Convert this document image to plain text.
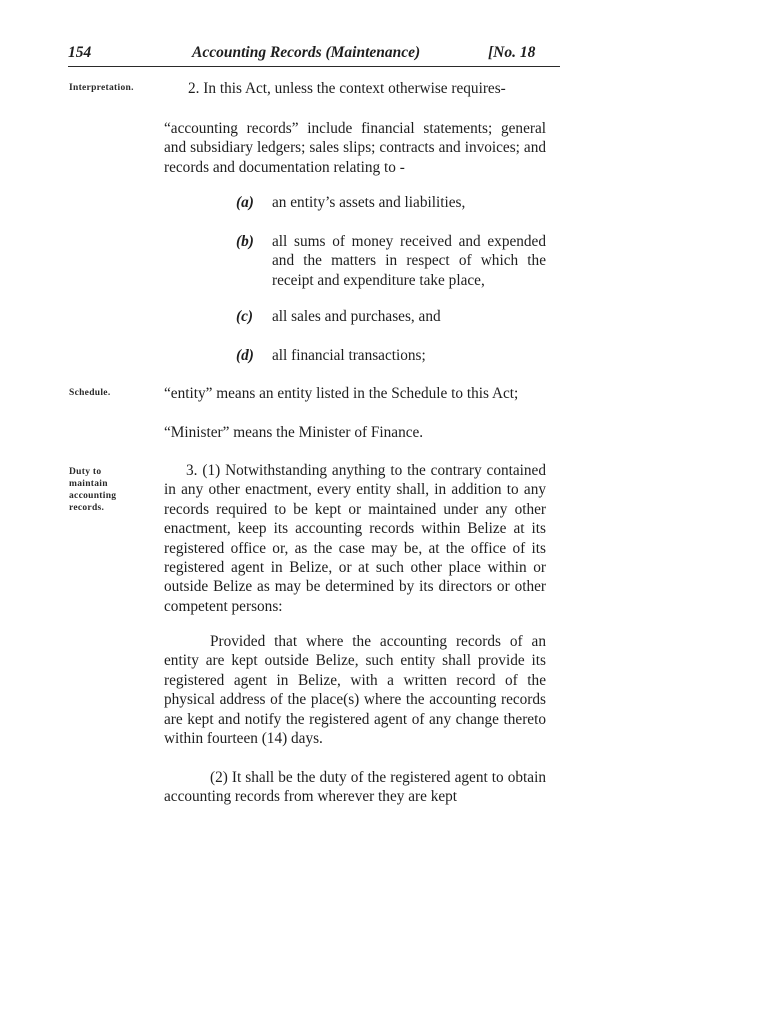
154	Accounting Records (Maintenance)	[No. 18
Interpretation.
Schedule.
Duty to
maintain
accounting
records.
2. In this Act, unless the context otherwise requires-
“accounting records” include financial statements; general and subsidiary ledgers; sales slips; contracts and invoices; and records and documentation relating to -
(a) an entity’s assets and liabilities,
(b) all sums of money received and expended and the matters in respect of which the receipt and expenditure take place,
(c) all sales and purchases, and
(d) all financial transactions;
“entity” means an entity listed in the Schedule to this Act;
“Minister” means the Minister of Finance.
3. (1) Notwithstanding anything to the contrary contained in any other enactment, every entity shall, in addition to any records required to be kept or maintained under any other enactment, keep its accounting records within Belize at its registered office or, as the case may be, at the office of its registered agent in Belize, or at such other place within or outside Belize as may be determined by its directors or other competent persons:
Provided that where the accounting records of an entity are kept outside Belize, such entity shall provide its registered agent in Belize, with a written record of the physical address of the place(s) where the accounting records are kept and notify the registered agent of any change thereto within fourteen (14) days.
(2) It shall be the duty of the registered agent to obtain accounting records from wherever they are kept
